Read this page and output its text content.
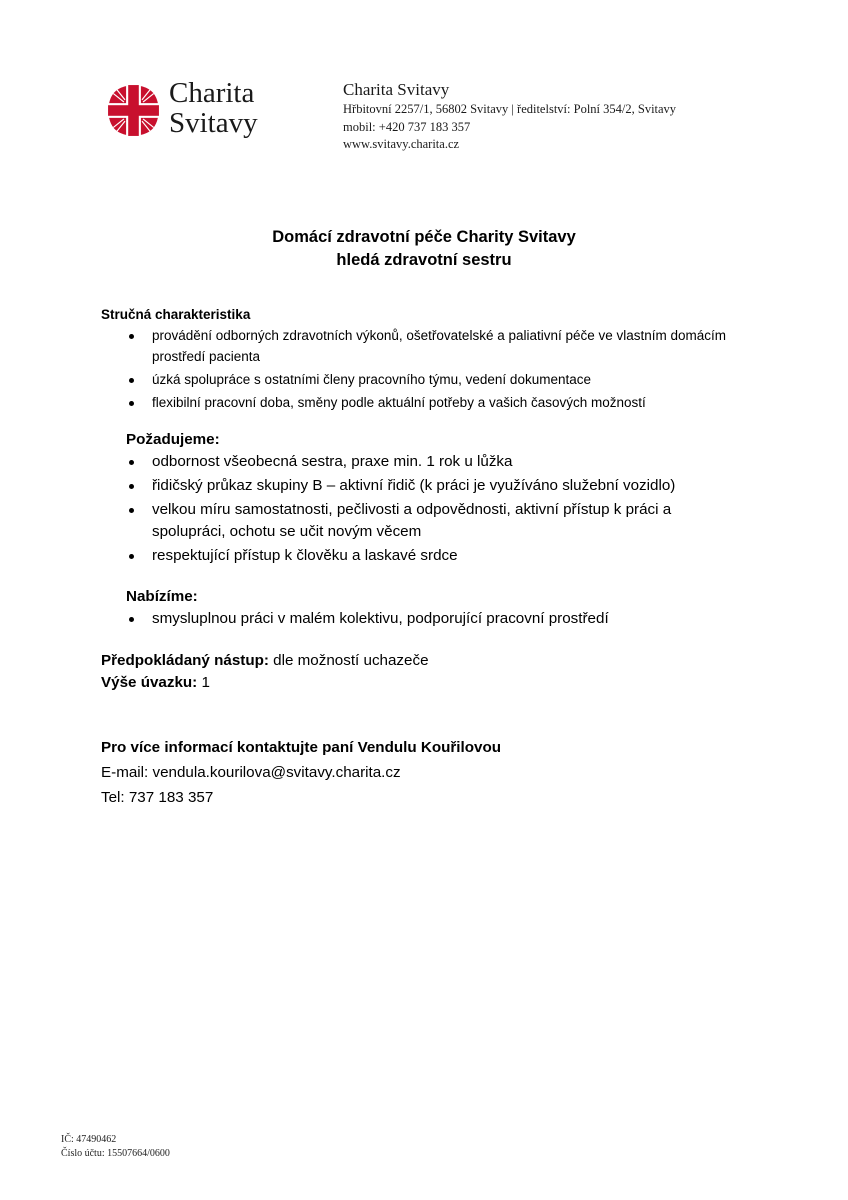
Charita
Svitavy
Charita Svitavy
Hřbitovní 2257/1, 56802 Svitavy | ředitelství: Polní 354/2, Svitavy
mobil: +420 737 183 357
www.svitavy.charita.cz
Domácí zdravotní péče Charity Svitavy
hledá zdravotní sestru
Stručná charakteristika
provádění odborných zdravotních výkonů, ošetřovatelské a paliativní péče ve vlastním domácím prostředí pacienta
úzká spolupráce s ostatními členy pracovního týmu, vedení dokumentace
flexibilní pracovní doba, směny podle aktuální potřeby a vašich časových možností
Požadujeme:
odbornost všeobecná sestra, praxe min. 1 rok u lůžka
řidičský průkaz skupiny B – aktivní řidič (k práci je využíváno služební vozidlo)
velkou míru samostatnosti, pečlivosti a odpovědnosti, aktivní přístup k práci a spolupráci, ochotu se učit novým věcem
respektující přístup k člověku a laskavé srdce
Nabízíme:
smysluplnou práci v malém kolektivu, podporující pracovní prostředí
Předpokládaný nástup: dle možností uchazeče
Výše úvazku: 1
Pro více informací kontaktujte paní Vendulu Kouřilovou
E-mail: vendula.kourilova@svitavy.charita.cz
Tel: 737 183 357
IČ: 47490462
Číslo účtu: 15507664/0600
